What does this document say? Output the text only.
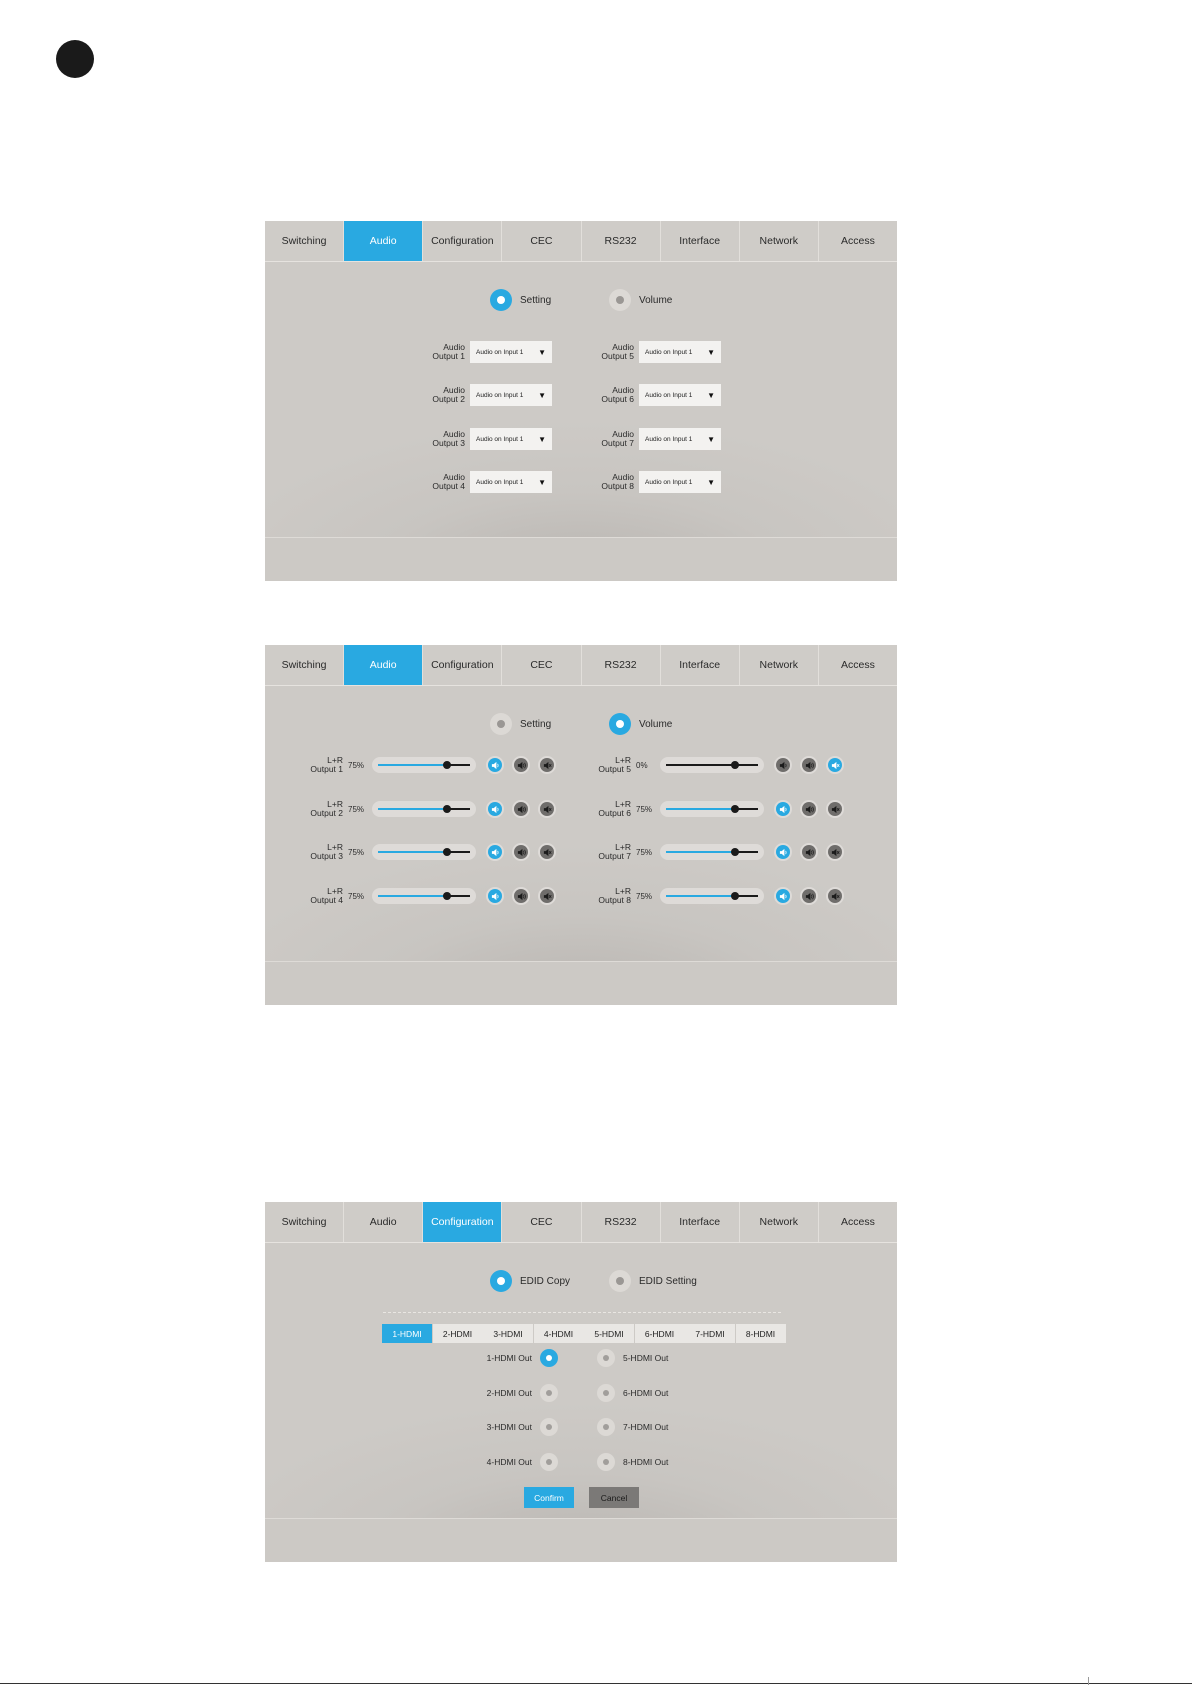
Switching	Audio	Configuration	CEC	RS232	Interface	Network	Access
Setting	Volume
Audio
Output 1 Audio on Input 1 ▼
Audio
Output 2 Audio on Input 1 ▼
Audio
Output 3 Audio on Input 1 ▼
Audio
Output 4 Audio on Input 1 ▼
Audio
Output 5 Audio on Input 1 ▼
Audio
Output 6 Audio on Input 1 ▼
Audio
Output 7 Audio on Input 1 ▼
Audio
Output 8 Audio on Input 1 ▼
Switching	Audio	Configuration	CEC	RS232	Interface	Network	Access
Setting	Volume
L+R
Output 1 75%
L+R
Output 2 75%
L+R
Output 3 75%
L+R
Output 4 75%
L+R
Output 5 0%
L+R
Output 6 75%
L+R
Output 7 75%
L+R
Output 8 75%
Switching	Audio	Configuration	CEC	RS232	Interface	Network	Access
EDID Copy	EDID Setting
1-HDMI	2-HDMI	3-HDMI	4-HDMI	5-HDMI	6-HDMI	7-HDMI	8-HDMI
1-HDMI Out
2-HDMI Out
3-HDMI Out
4-HDMI Out
5-HDMI Out
6-HDMI Out
7-HDMI Out
8-HDMI Out
Confirm	Cancel
